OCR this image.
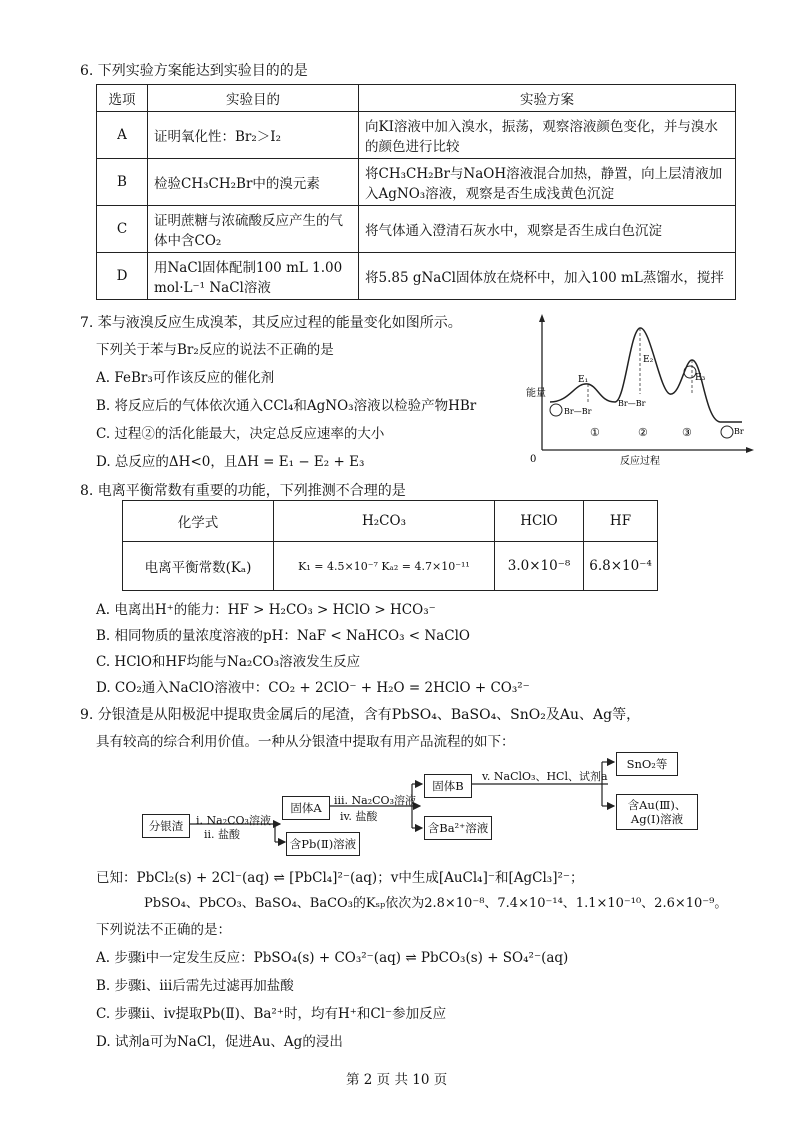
6. 下列实验方案能达到实验目的的是
选项	实验目的	实验方案
A	证明氧化性：Br₂＞I₂	向KI溶液中加入溴水，振荡，观察溶液颜色变化，并与溴水的颜色进行比较
B	检验CH₃CH₂Br中的溴元素	将CH₃CH₂Br与NaOH溶液混合加热，静置，向上层清液加入AgNO₃溶液，观察是否生成浅黄色沉淀
C	证明蔗糖与浓硫酸反应产生的气体中含CO₂	将气体通入澄清石灰水中，观察是否生成白色沉淀
D	用NaCl固体配制100 mL 1.00 mol·L⁻¹ NaCl溶液	将5.85 gNaCl固体放在烧杯中，加入100 mL蒸馏水，搅拌
7. 苯与液溴反应生成溴苯，其反应过程的能量变化如图所示。
下列关于苯与Br₂反应的说法不正确的是
A. FeBr₃可作该反应的催化剂
B. 将反应后的气体依次通入CCl₄和AgNO₃溶液以检验产物HBr
C. 过程②的活化能最大，决定总反应速率的大小
D. 总反应的ΔH<0，且ΔH = E₁ − E₂ + E₃
能量
反应过程
0
①	②	③
E₁
E₂
E₃
Br—Br
Br
Br—Br
8. 电离平衡常数有重要的功能，下列推测不合理的是
化学式	H₂CO₃	HClO	HF
电离平衡常数(Kₐ)	K₁ = 4.5×10⁻⁷ Kₐ₂ = 4.7×10⁻¹¹	3.0×10⁻⁸	6.8×10⁻⁴
A. 电离出H⁺的能力：HF > H₂CO₃ > HClO > HCO₃⁻
B. 相同物质的量浓度溶液的pH：NaF < NaHCO₃ < NaClO
C. HClO和HF均能与Na₂CO₃溶液发生反应
D. CO₂通入NaClO溶液中：CO₂ + 2ClO⁻ + H₂O = 2HClO + CO₃²⁻
9. 分银渣是从阳极泥中提取贵金属后的尾渣，含有PbSO₄、BaSO₄、SnO₂及Au、Ag等，
具有较高的综合利用价值。一种从分银渣中提取有用产品流程的如下：
分银渣	i. Na₂CO₃溶液
ii. 盐酸
固体A
含Pb(Ⅱ)溶液
iii. Na₂CO₃溶液
iv. 盐酸
固体B
含Ba²⁺溶液
v. NaClO₃、HCl、试剂a
SnO₂等
含Au(Ⅲ)、
Ag(Ⅰ)溶液
已知：PbCl₂(s) + 2Cl⁻(aq) ⇌ [PbCl₄]²⁻(aq)；v中生成[AuCl₄]⁻和[AgCl₃]²⁻；
PbSO₄、PbCO₃、BaSO₄、BaCO₃的Kₛₚ依次为2.8×10⁻⁸、7.4×10⁻¹⁴、1.1×10⁻¹⁰、2.6×10⁻⁹。
下列说法不正确的是：
A. 步骤i中一定发生反应：PbSO₄(s) + CO₃²⁻(aq) ⇌ PbCO₃(s) + SO₄²⁻(aq)
B. 步骤i、iii后需先过滤再加盐酸
C. 步骤ii、iv提取Pb(Ⅱ)、Ba²⁺时，均有H⁺和Cl⁻参加反应
D. 试剂a可为NaCl，促进Au、Ag的浸出
第 2 页 共 10 页
